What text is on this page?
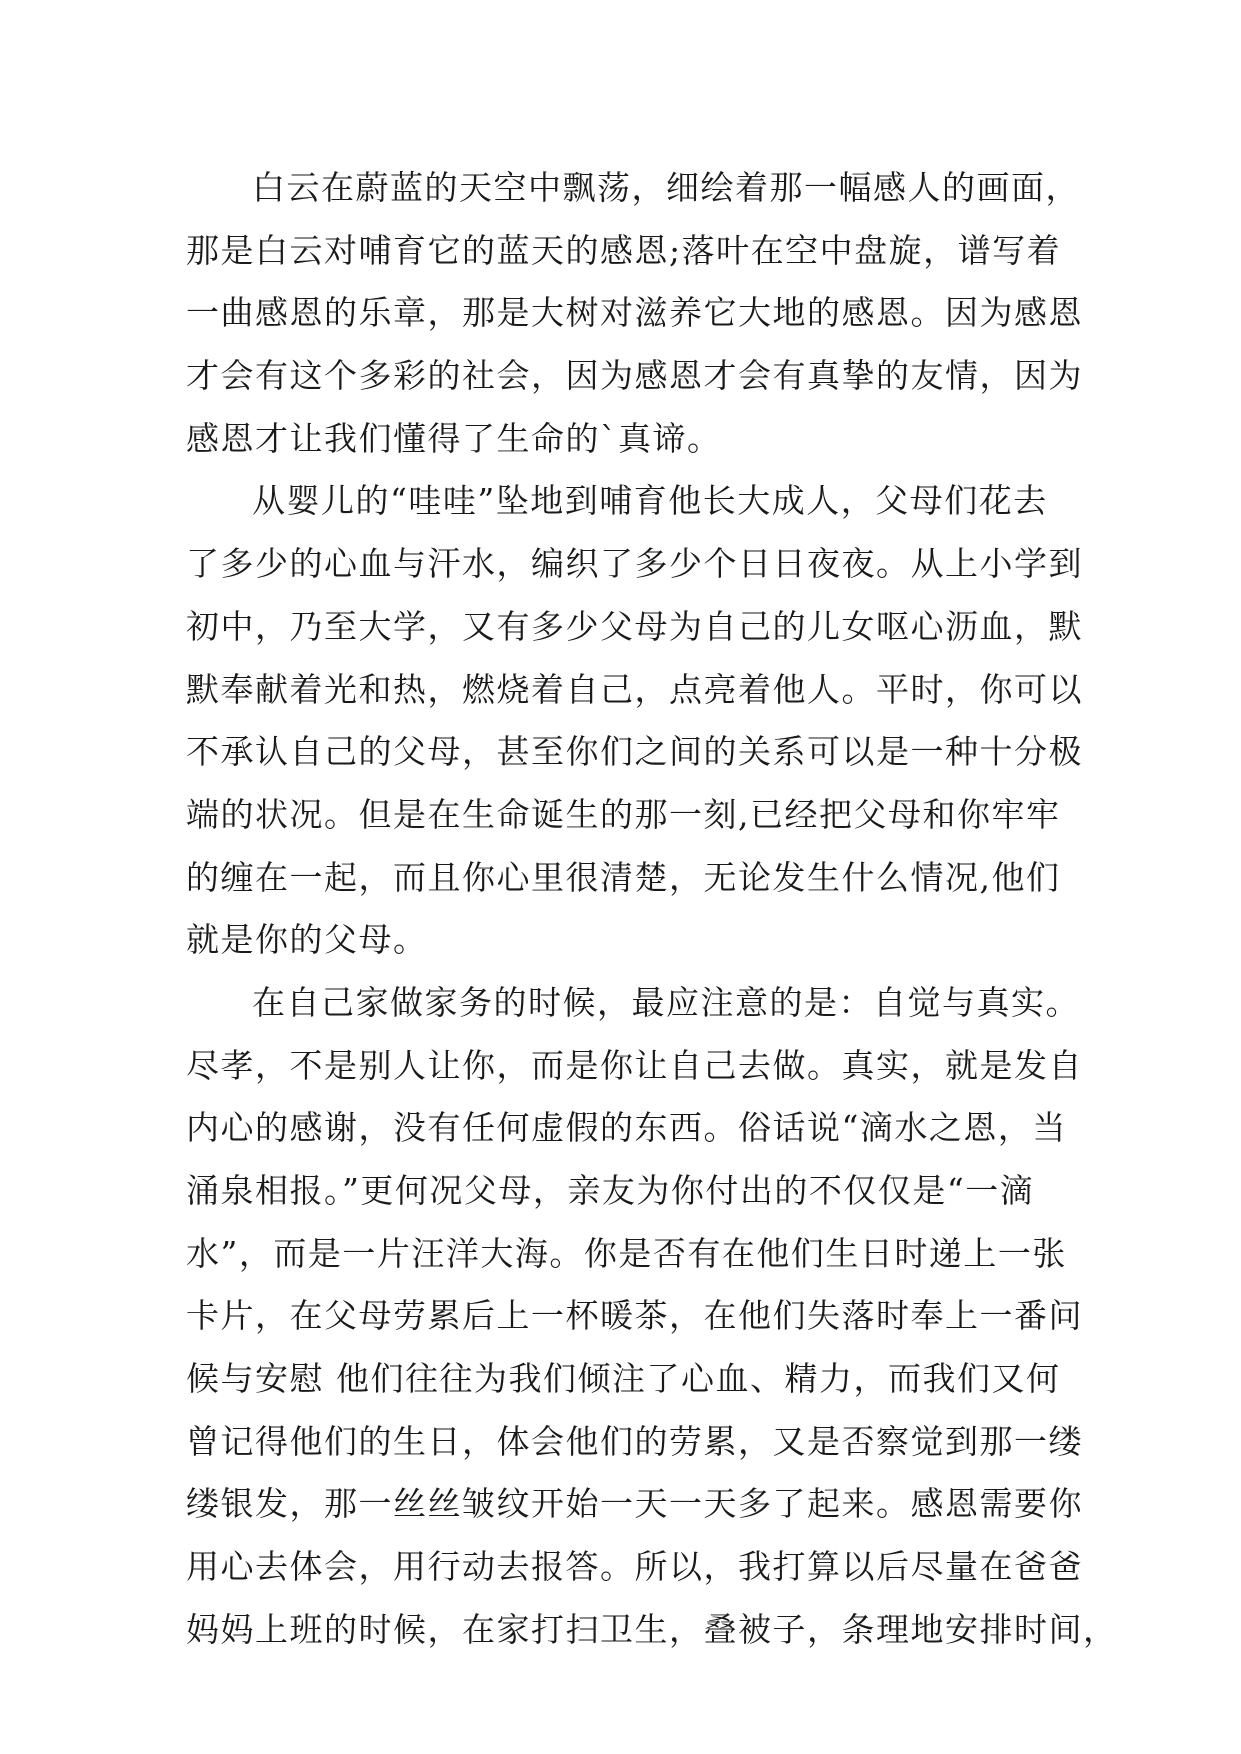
白云在蔚蓝的天空中飘荡，细绘着那一幅感人的画面，
那是白云对哺育它的蓝天的感恩;落叶在空中盘旋，谱写着
一曲感恩的乐章，那是大树对滋养它大地的感恩。因为感恩
才会有这个多彩的社会，因为感恩才会有真挚的友情，因为
感恩才让我们懂得了生命的`真谛。

从婴儿的“哇哇”坠地到哺育他长大成人，父母们花去
了多少的心血与汗水，编织了多少个日日夜夜。从上小学到
初中，乃至大学，又有多少父母为自己的儿女呕心沥血，默
默奉献着光和热，燃烧着自己，点亮着他人。平时，你可以
不承认自己的父母，甚至你们之间的关系可以是一种十分极
端的状况。但是在生命诞生的那一刻,已经把父母和你牢牢
的缠在一起，而且你心里很清楚，无论发生什么情况,他们
就是你的父母。

在自己家做家务的时候，最应注意的是：自觉与真实。
尽孝，不是别人让你，而是你让自己去做。真实，就是发自
内心的感谢，没有任何虚假的东西。俗话说“滴水之恩，当
涌泉相报。”更何况父母，亲友为你付出的不仅仅是“一滴
水”，而是一片汪洋大海。你是否有在他们生日时递上一张
卡片，在父母劳累后上一杯暖茶，在他们失落时奉上一番问
候与安慰 他们往往为我们倾注了心血、精力，而我们又何
曾记得他们的生日，体会他们的劳累，又是否察觉到那一缕
缕银发，那一丝丝皱纹开始一天一天多了起来。感恩需要你
用心去体会，用行动去报答。所以，我打算以后尽量在爸爸
妈妈上班的时候，在家打扫卫生，叠被子，条理地安排时间，
